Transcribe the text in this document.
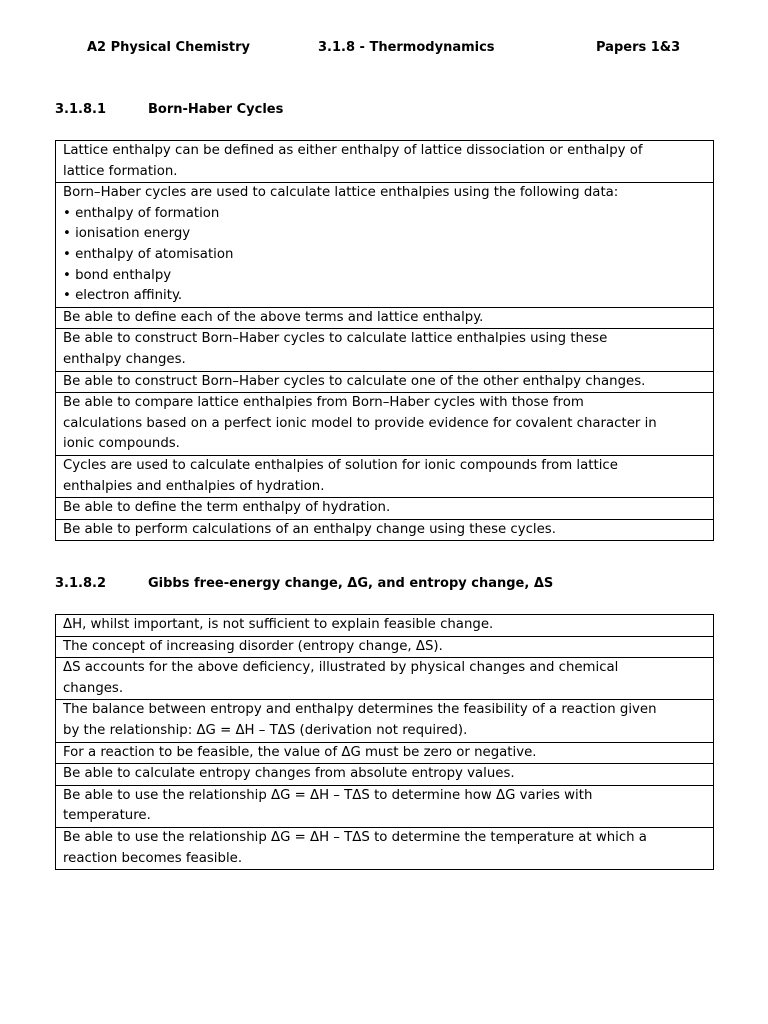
A2 Physical Chemistry	3.1.8 - Thermodynamics	Papers 1&3
3.1.8.1	Born-Haber Cycles
Lattice enthalpy can be defined as either enthalpy of lattice dissociation or enthalpy of
lattice formation.

Born–Haber cycles are used to calculate lattice enthalpies using the following data:
• enthalpy of formation
• ionisation energy
• enthalpy of atomisation
• bond enthalpy
• electron affinity.

Be able to define each of the above terms and lattice enthalpy.

Be able to construct Born–Haber cycles to calculate lattice enthalpies using these
enthalpy changes.

Be able to construct Born–Haber cycles to calculate one of the other enthalpy changes.

Be able to compare lattice enthalpies from Born–Haber cycles with those from
calculations based on a perfect ionic model to provide evidence for covalent character in
ionic compounds.

Cycles are used to calculate enthalpies of solution for ionic compounds from lattice
enthalpies and enthalpies of hydration.

Be able to define the term enthalpy of hydration.

Be able to perform calculations of an enthalpy change using these cycles.
3.1.8.2	Gibbs free-energy change, ΔG, and entropy change, ΔS
ΔH, whilst important, is not sufficient to explain feasible change.

The concept of increasing disorder (entropy change, ΔS).

ΔS accounts for the above deficiency, illustrated by physical changes and chemical
changes.

The balance between entropy and enthalpy determines the feasibility of a reaction given
by the relationship: ΔG = ΔH – TΔS (derivation not required).

For a reaction to be feasible, the value of ΔG must be zero or negative.

Be able to calculate entropy changes from absolute entropy values.

Be able to use the relationship ΔG = ΔH – TΔS to determine how ΔG varies with
temperature.

Be able to use the relationship ΔG = ΔH – TΔS to determine the temperature at which a
reaction becomes feasible.
